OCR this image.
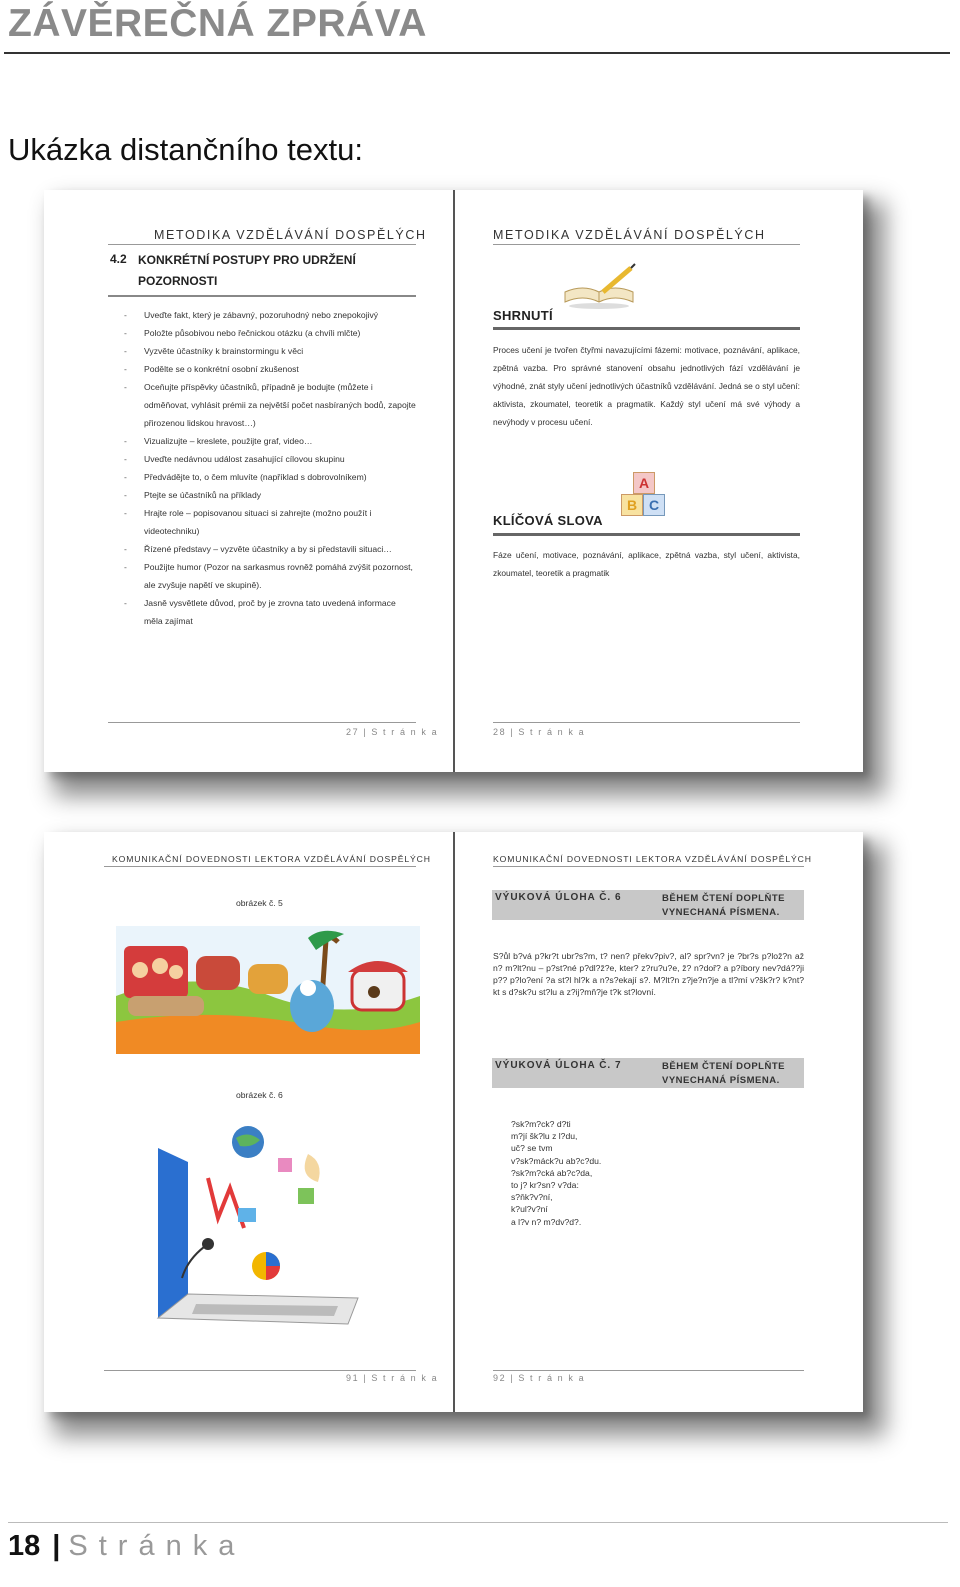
ZÁVĚREČNÁ ZPRÁVA
Ukázka distančního textu:
METODIKA VZDĚLÁVÁNÍ DOSPĚLÝCH
4.2 KONKRÉTNÍ POSTUPY PRO UDRŽENÍ
POZORNOSTI
- Uveďte fakt, který je zábavný, pozoruhodný nebo znepokojivý
- Položte působivou nebo řečnickou otázku (a chvíli mlčte)
- Vyzvěte účastníky k brainstormingu k věci
- Podělte se o konkrétní osobní zkušenost
- Oceňujte příspěvky účastníků, případně je bodujte (můžete i odměňovat, vyhlásit prémii za největší počet nasbíraných bodů, zapojte přirozenou lidskou hravost…)
- Vizualizujte – kreslete, použijte graf, video…
- Uveďte nedávnou událost zasahující cílovou skupinu
- Předvádějte to, o čem mluvíte (například s dobrovolníkem)
- Ptejte se účastníků na příklady
- Hrajte role – popisovanou situaci si zahrejte (možno použít i videotechniku)
- Řízené představy – vyzvěte účastníky a by si představili situaci…
- Použijte humor (Pozor na sarkasmus rovněž pomáhá zvýšit pozornost, ale zvyšuje napětí ve skupině).
- Jasně vysvětlete důvod, proč by je zrovna tato uvedená informace měla zajímat
27 | S t r á n k a
METODIKA VZDĚLÁVÁNÍ DOSPĚLÝCH
SHRNUTÍ
Proces učení je tvořen čtyřmi navazujícími fázemi: motivace, poznávání, aplikace, zpětná vazba. Pro správné stanovení obsahu jednotlivých fází vzdělávání je výhodné, znát styly učení jednotlivých účastníků vzdělávání. Jedná se o styl učení: aktivista, zkoumatel, teoretik a pragmatik. Každý styl učení má své výhody a nevýhody v procesu učení.
A
B C
KLÍČOVÁ SLOVA
Fáze učení, motivace, poznávání, aplikace, zpětná vazba, styl učení, aktivista, zkoumatel, teoretik a pragmatik
28 | S t r á n k a
KOMUNIKAČNÍ DOVEDNOSTI LEKTORA VZDĚLÁVÁNÍ DOSPĚLÝCH
obrázek č. 5
obrázek č. 6
91 | S t r á n k a
KOMUNIKAČNÍ DOVEDNOSTI LEKTORA VZDĚLÁVÁNÍ DOSPĚLÝCH
VÝUKOVÁ ÚLOHA Č. 6	BĚHEM ČTENÍ DOPLŇTE
VYNECHANÁ PÍSMENA.
S?ůl b?vá p?kr?t ubr?s?m, t? nen? překv?piv?, al? spr?vn? je ?br?s p?lož?n až n? m?lt?nu – p?st?né p?dl?ž?e, kter? z?ru?u?e, ž? n?doř? a p?íbory nev?dá??ji p?? p?lo?ení ?a st?l hl?k a n?s?ekají s?. M?lt?n z?je?n?je a tl?mí v?šk?r? k?nt?kt s d?sk?u st?lu a z?ij?mň?je t?k st?lovní.
VÝUKOVÁ ÚLOHA Č. 7	BĚHEM ČTENÍ DOPLŇTE
VYNECHANÁ PÍSMENA.
?sk?m?ck? d?ti
m?jí šk?lu z l?du,
uč? se tvm
v?sk?máck?u ab?c?du.
?sk?m?cká ab?c?da,
to j? kr?sn? v?da:
s?ňk?v?ní,
k?ul?v?ní
a l?v n? m?dv?d?.
92 | S t r á n k a
18 | Stránka
